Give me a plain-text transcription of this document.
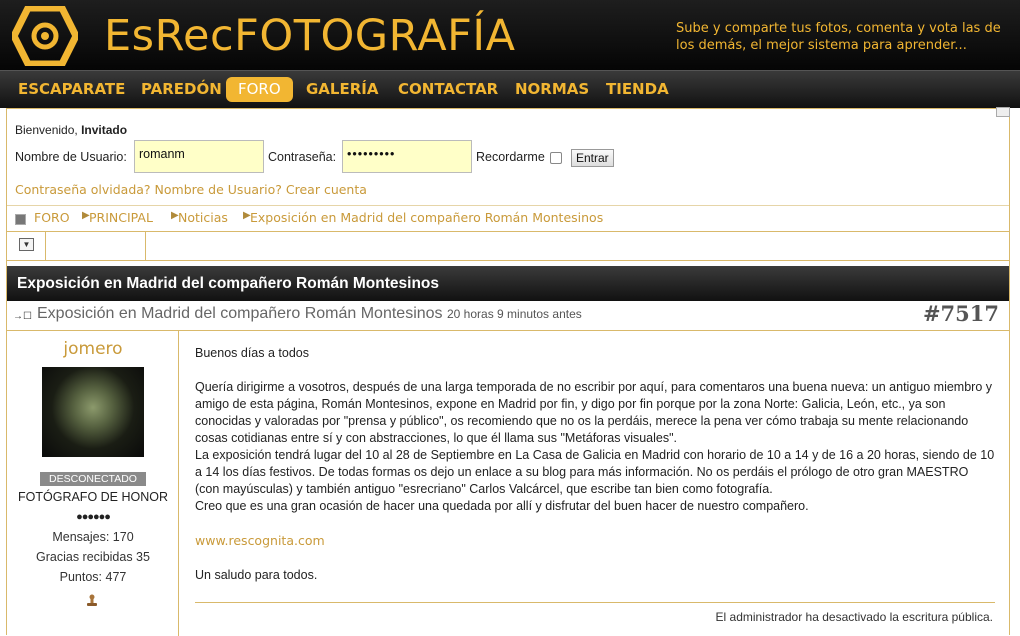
EsRecFOTOGRAFÍA	Sube y comparte tus fotos, comenta y vota las de los demás, el mejor sistema para aprender...
ESCAPARATE PAREDÓN	FORO	GALERÍA CONTACTAR NORMAS TIENDA
Bienvenido, Invitado
Nombre de Usuario: romanm	Contraseña: •••••••••	Recordarme	Entrar
Contraseña olvidada? Nombre de Usuario? Crear cuenta
FORO ▶ PRINCIPAL ▶ Noticias ▶ Exposición en Madrid del compañero Román Montesinos
▼
Exposición en Madrid del compañero Román Montesinos
→☐ Exposición en Madrid del compañero Román Montesinos 20 horas 9 minutos antes	#7517
jomero
DESCONECTADO
FOTÓGRAFO DE HONOR
●●●●●●
Mensajes: 170
Gracias recibidas 35
Puntos: 477

Buenos días a todos

Quería dirigirme a vosotros, después de una larga temporada de no escribir por aquí, para comentaros una buena nueva: un antiguo miembro y amigo de esta página, Román Montesinos, expone en Madrid por fin, y digo por fin porque por la zona Norte: Galicia, León, etc., ya son conocidas y valoradas por "prensa y público", os recomiendo que no os la perdáis, merece la pena ver cómo trabaja su mente relacionando cosas cotidianas entre sí y con abstracciones, lo que él llama sus "Metáforas visuales".

La exposición tendrá lugar del 10 al 28 de Septiembre en La Casa de Galicia en Madrid con horario de 10 a 14 y de 16 a 20 horas, siendo de 10 a 14 los días festivos. De todas formas os dejo un enlace a su blog para más información. No os perdáis el prólogo de otro gran MAESTRO (con mayúsculas) y también antiguo "esrecriano" Carlos Valcárcel, que escribe tan bien como fotografía.

Creo que es una gran ocasión de hacer una quedada por allí y disfrutar del buen hacer de nuestro compañero.

www.rescognita.com

Un saludo para todos.

El administrador ha desactivado la escritura pública.
